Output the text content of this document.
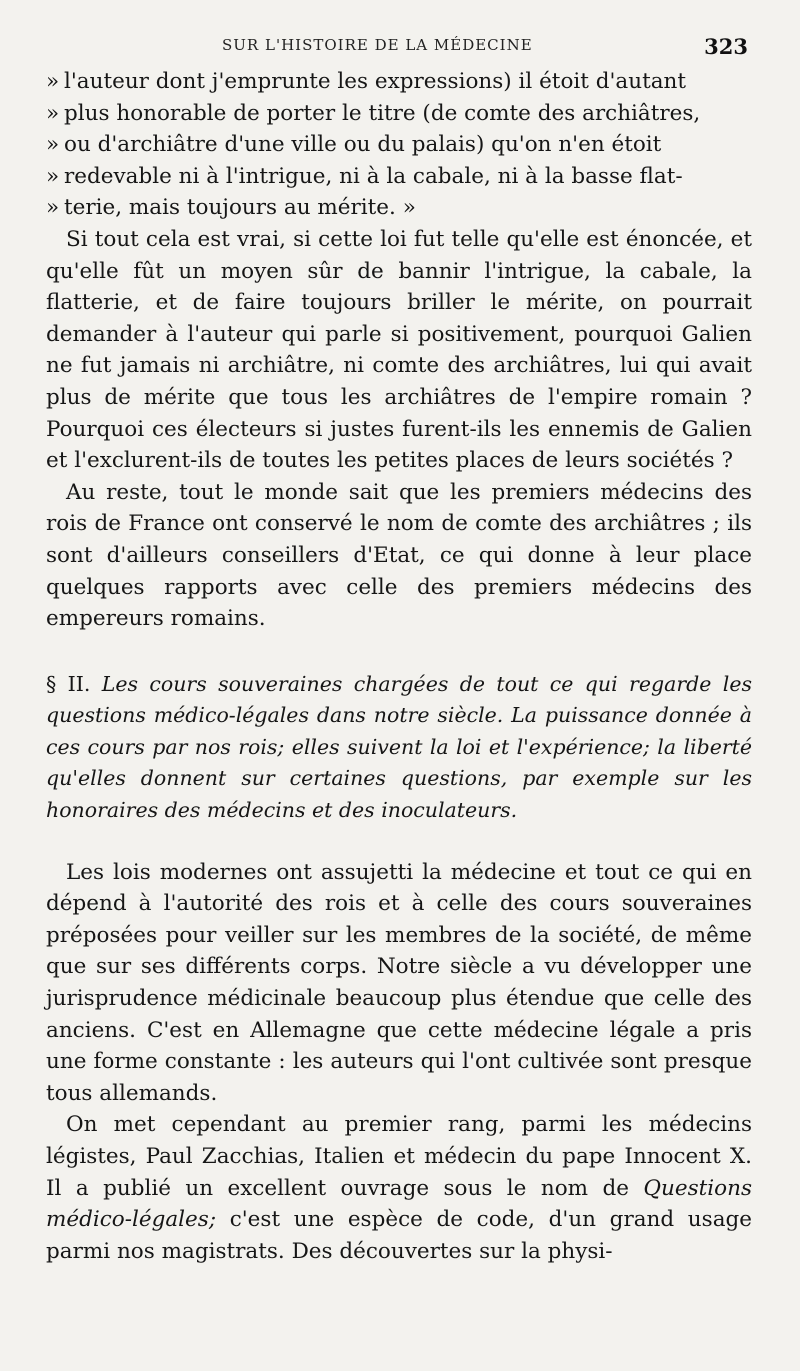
SUR L'HISTOIRE DE LA MÉDECINE	323

» l'auteur dont j'emprunte les expressions) il étoit d'autant
» plus honorable de porter le titre (de comte des archiâtres,
» ou d'archiâtre d'une ville ou du palais) qu'on n'en étoit
» redevable ni à l'intrigue, ni à la cabale, ni à la basse flat-
» terie, mais toujours au mérite. »

Si tout cela est vrai, si cette loi fut telle qu'elle est énoncée, et qu'elle fût un moyen sûr de bannir l'intrigue, la cabale, la flatterie, et de faire toujours briller le mérite, on pourrait demander à l'auteur qui parle si positivement, pourquoi Galien ne fut jamais ni archiâtre, ni comte des archiâtres, lui qui avait plus de mérite que tous les archiâtres de l'empire romain ? Pourquoi ces électeurs si justes furent-ils les ennemis de Galien et l'exclurent-ils de toutes les petites places de leurs sociétés ?

Au reste, tout le monde sait que les premiers médecins des rois de France ont conservé le nom de comte des archiâtres ; ils sont d'ailleurs conseillers d'Etat, ce qui donne à leur place quelques rapports avec celle des premiers médecins des empereurs romains.

§ II. Les cours souveraines chargées de tout ce qui regarde les questions médico-légales dans notre siècle. La puissance donnée à ces cours par nos rois; elles suivent la loi et l'expérience; la liberté qu'elles donnent sur certaines questions, par exemple sur les honoraires des médecins et des inoculateurs.

Les lois modernes ont assujetti la médecine et tout ce qui en dépend à l'autorité des rois et à celle des cours souveraines préposées pour veiller sur les membres de la société, de même que sur ses différents corps. Notre siècle a vu développer une jurisprudence médicinale beaucoup plus étendue que celle des anciens. C'est en Allemagne que cette médecine légale a pris une forme constante : les auteurs qui l'ont cultivée sont presque tous allemands.

On met cependant au premier rang, parmi les médecins légistes, Paul Zacchias, Italien et médecin du pape Innocent X. Il a publié un excellent ouvrage sous le nom de Questions médico-légales; c'est une espèce de code, d'un grand usage parmi nos magistrats. Des découvertes sur la physi-
